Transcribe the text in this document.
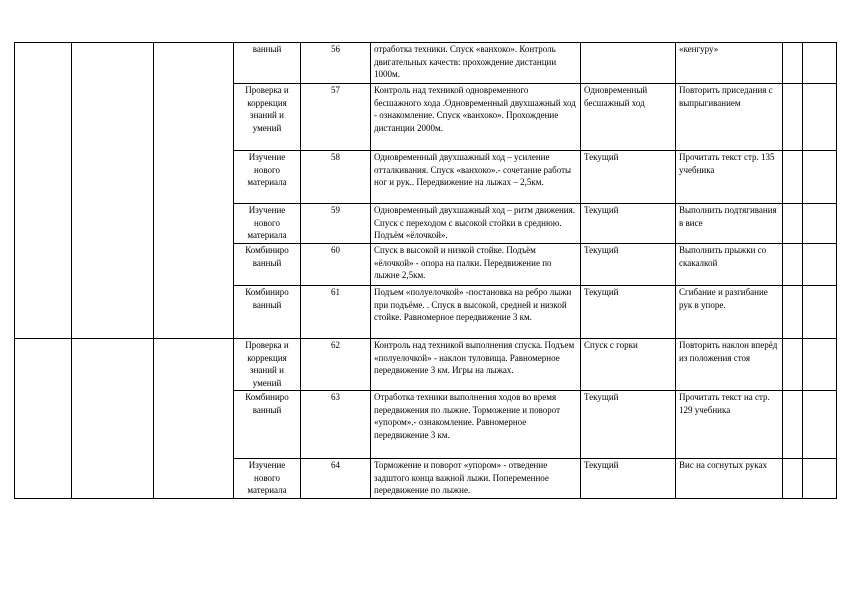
			ванный	56	отработка техники. Спуск «ванхоко». Контроль двигательных качеств: прохождение дистанции 1000м.		«кенгуру»		
			Проверка и коррекция знаний и умений	57	Контроль над техникой одновременного бесшажного хода .Одновременный двухшажный ход - ознакомление. Спуск «ванхоко». Прохождение дистанции 2000м.	Одновременный бесшажный ход	Повторить приседания с выпрыгиванием		
			Изучение нового материала	58	Одновременный двухшажный ход – усиление отталкивания. Спуск «ванхоко».- сочетание работы ног и рук.. Передвижение на лыжах – 2,5км.	Текущий	Прочитать текст стр. 135 учебника		
			Изучение нового материала	59	Одновременный двухшажный ход – ритм движения. Спуск с переходом с высокой стойки в среднюю. Подъём «ёлочкой».	Текущий	Выполнить подтягивания в висе		
			Комбиниро ванный	60	Спуск в высокой и низкой стойке. Подъём «ёлочкой» - опора на палки. Передвижение по лыжне 2,5км.	Текущий	Выполнить прыжки со скакалкой		
			Комбиниро ванный	61	Подъем «полуелочкой» -постановка на ребро лыжи при подъёме. . Спуск в высокой, средней и низкой стойке. Равномерное передвижение 3 км.	Текущий	Сгибание и разгибание рук в упоре.		
			Проверка и коррекция знаний и умений	62	Контроль над техникой выполнения спуска. Подъем «полуелочкой» - наклон туловища. Равномерное передвижение 3 км. Игры на лыжах.	Спуск с горки	Повторить наклон вперёд из положения стоя		
			Комбиниро ванный	63	Отработка техники выполнения ходов во время передвижения по лыжне. Торможение и поворот «упором».- ознакомление. Равномерное передвижение 3 км.	Текущий	Прочитать текст на стр. 129 учебника		
			Изучение нового материала	64	Торможение и поворот «упором» - отведение задштого конца важной лыжи. Попеременное передвижение по лыжне.	Текущий	Вис на согнутых руках		
